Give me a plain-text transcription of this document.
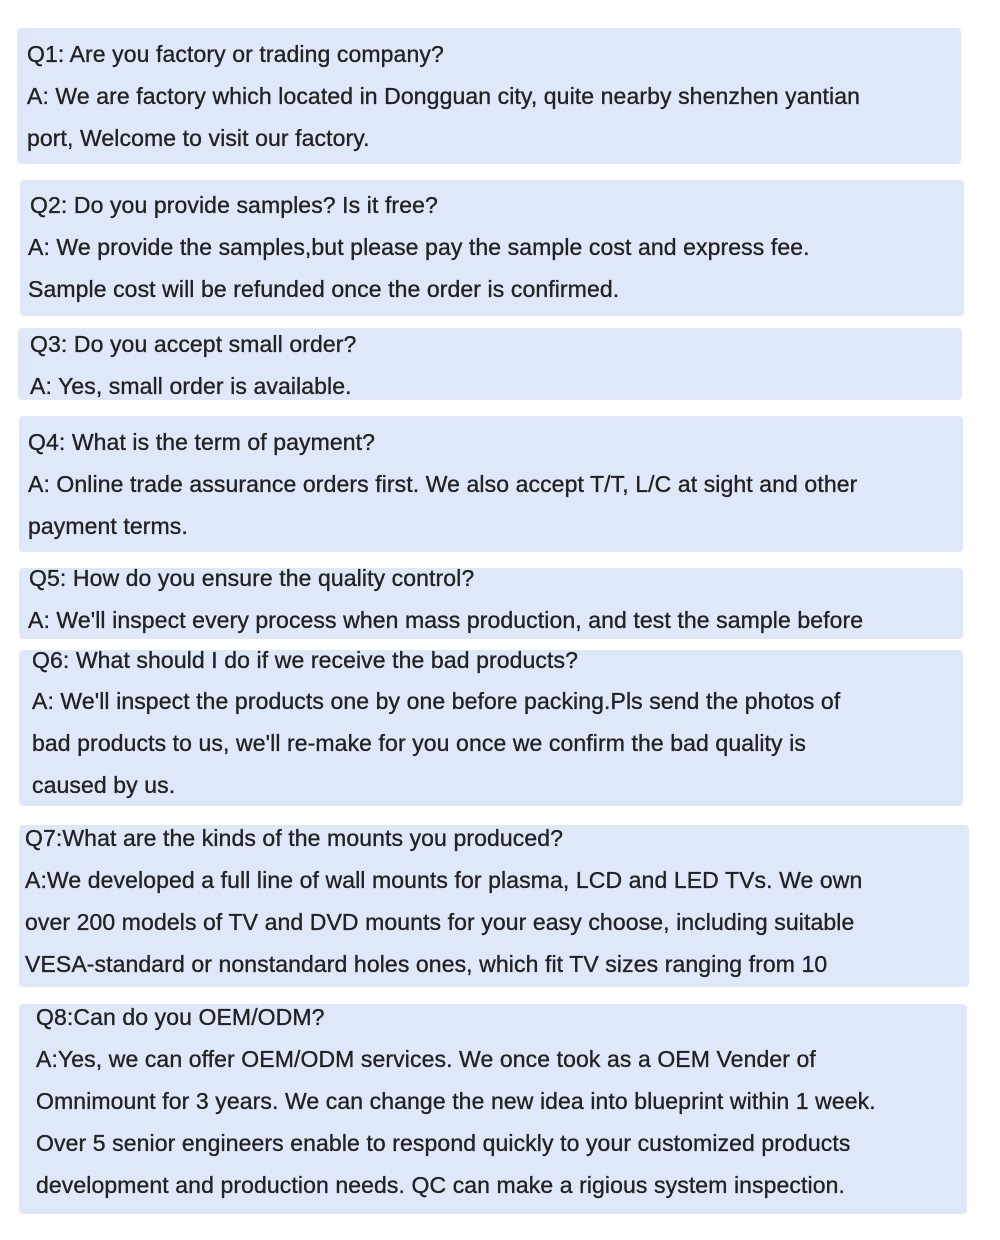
Q1: Are you factory or trading company?
A: We are factory which located in Dongguan city, quite nearby shenzhen yantian
port, Welcome to visit our factory.
Q2: Do you provide samples? Is it free?
A: We provide the samples,but please pay the sample cost and express fee.
Sample cost will be refunded once the order is confirmed.
Q3: Do you accept small order?
A: Yes, small order is available.
Q4: What is the term of payment?
A: Online trade assurance orders first. We also accept T/T, L/C at sight and other
payment terms.
Q5: How do you ensure the quality control?
A: We'll inspect every process when mass production, and test the sample before
Q6: What should I do if we receive the bad products?
A: We'll inspect the products one by one before packing.Pls send the photos of
bad products to us, we'll re-make for you once we confirm the bad quality is
caused by us.
Q7:What are the kinds of the mounts you produced?
A:We developed a full line of wall mounts for plasma, LCD and LED TVs. We own
over 200 models of TV and DVD mounts for your easy choose, including suitable
VESA-standard or nonstandard holes ones, which fit TV sizes ranging from 10
Q8:Can do you OEM/ODM?
A:Yes, we can offer OEM/ODM services. We once took as a OEM Vender of
Omnimount for 3 years. We can change the new idea into blueprint within 1 week.
Over 5 senior engineers enable to respond quickly to your customized products
development and production needs. QC can make a rigious system inspection.
